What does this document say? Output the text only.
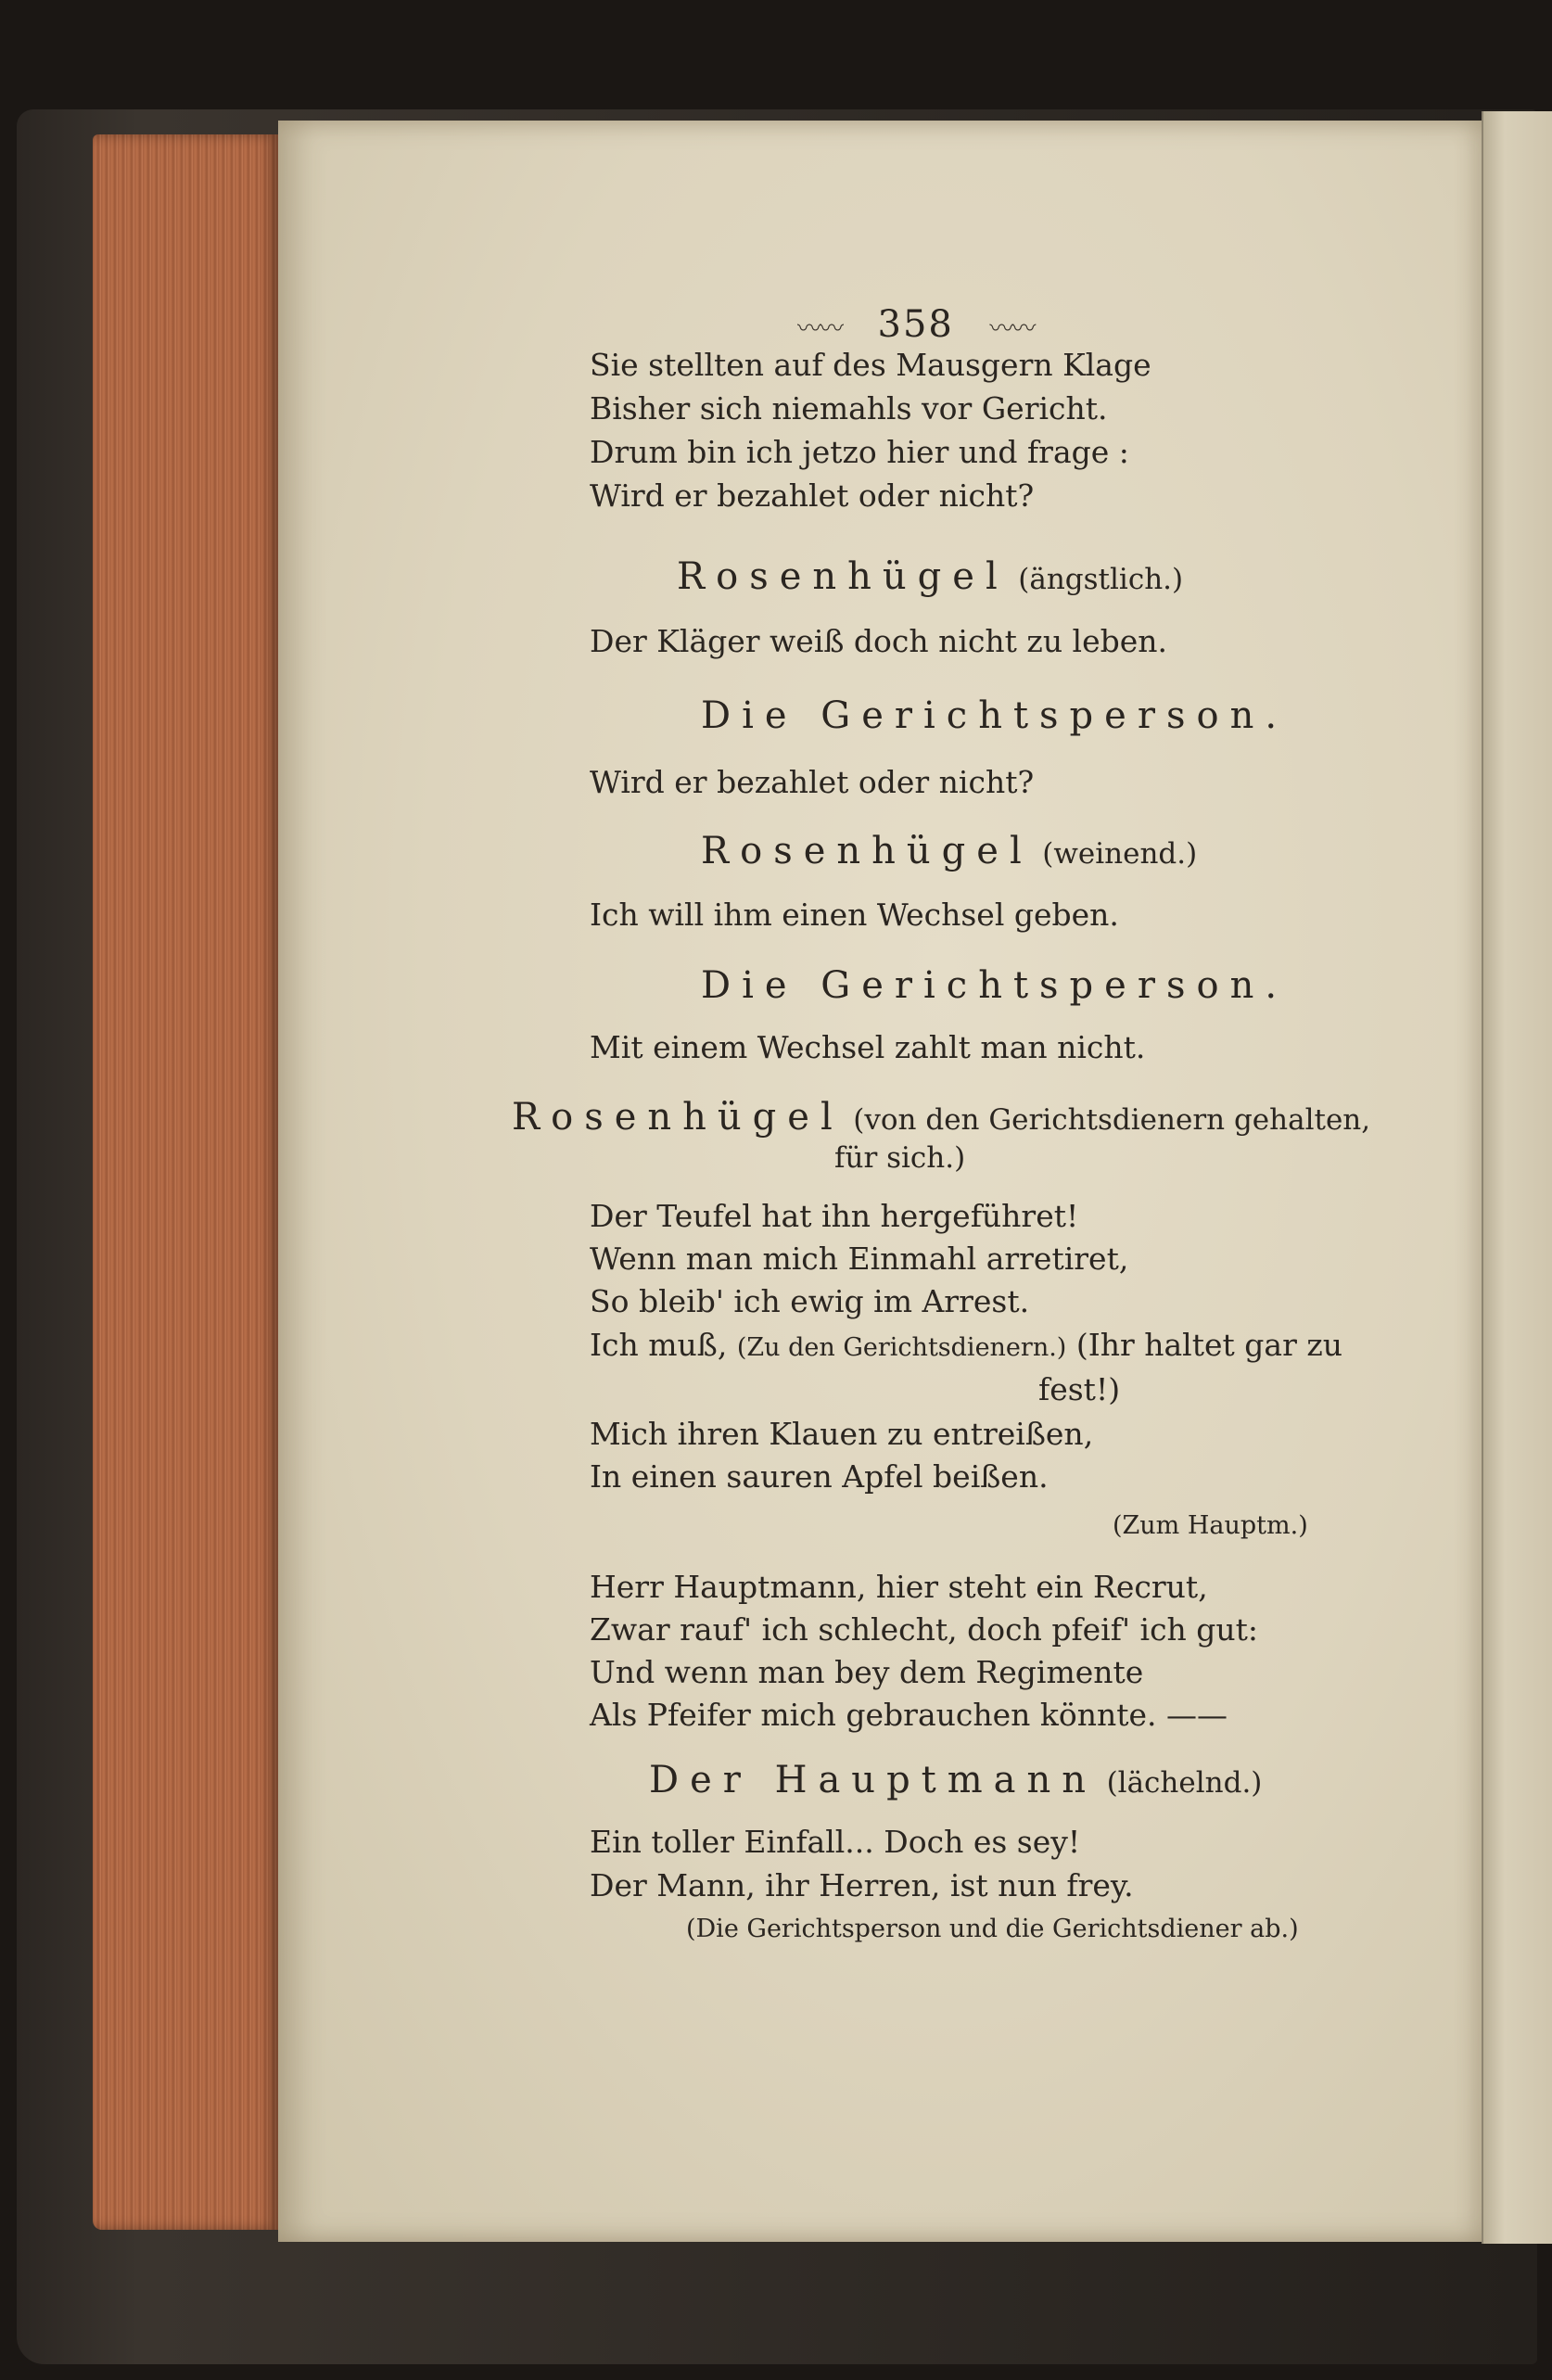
〰〰 358 〰〰
Sie stellten auf des Mausgern Klage
Bisher sich niemahls vor Gericht.
Drum bin ich jetzo hier und frage :
Wird er bezahlet oder nicht?
Rosenhügel (ängstlich.)
Der Kläger weiß doch nicht zu leben.
Die Gerichtsperson.
Wird er bezahlet oder nicht?
Rosenhügel (weinend.)
Ich will ihm einen Wechsel geben.
Die Gerichtsperson.
Mit einem Wechsel zahlt man nicht.
Rosenhügel (von den Gerichtsdienern gehalten,
für sich.)
Der Teufel hat ihn hergeführet!
Wenn man mich Einmahl arretiret,
So bleib' ich ewig im Arrest.
Ich muß, (Zu den Gerichtsdienern.) (Ihr haltet gar zu
fest!)
Mich ihren Klauen zu entreißen,
In einen sauren Apfel beißen.
(Zum Hauptm.)
Herr Hauptmann, hier steht ein Recrut,
Zwar rauf' ich schlecht, doch pfeif' ich gut:
Und wenn man bey dem Regimente
Als Pfeifer mich gebrauchen könnte. ——
Der Hauptmann (lächelnd.)
Ein toller Einfall... Doch es sey!
Der Mann, ihr Herren, ist nun frey.
(Die Gerichtsperson und die Gerichtsdiener ab.)
